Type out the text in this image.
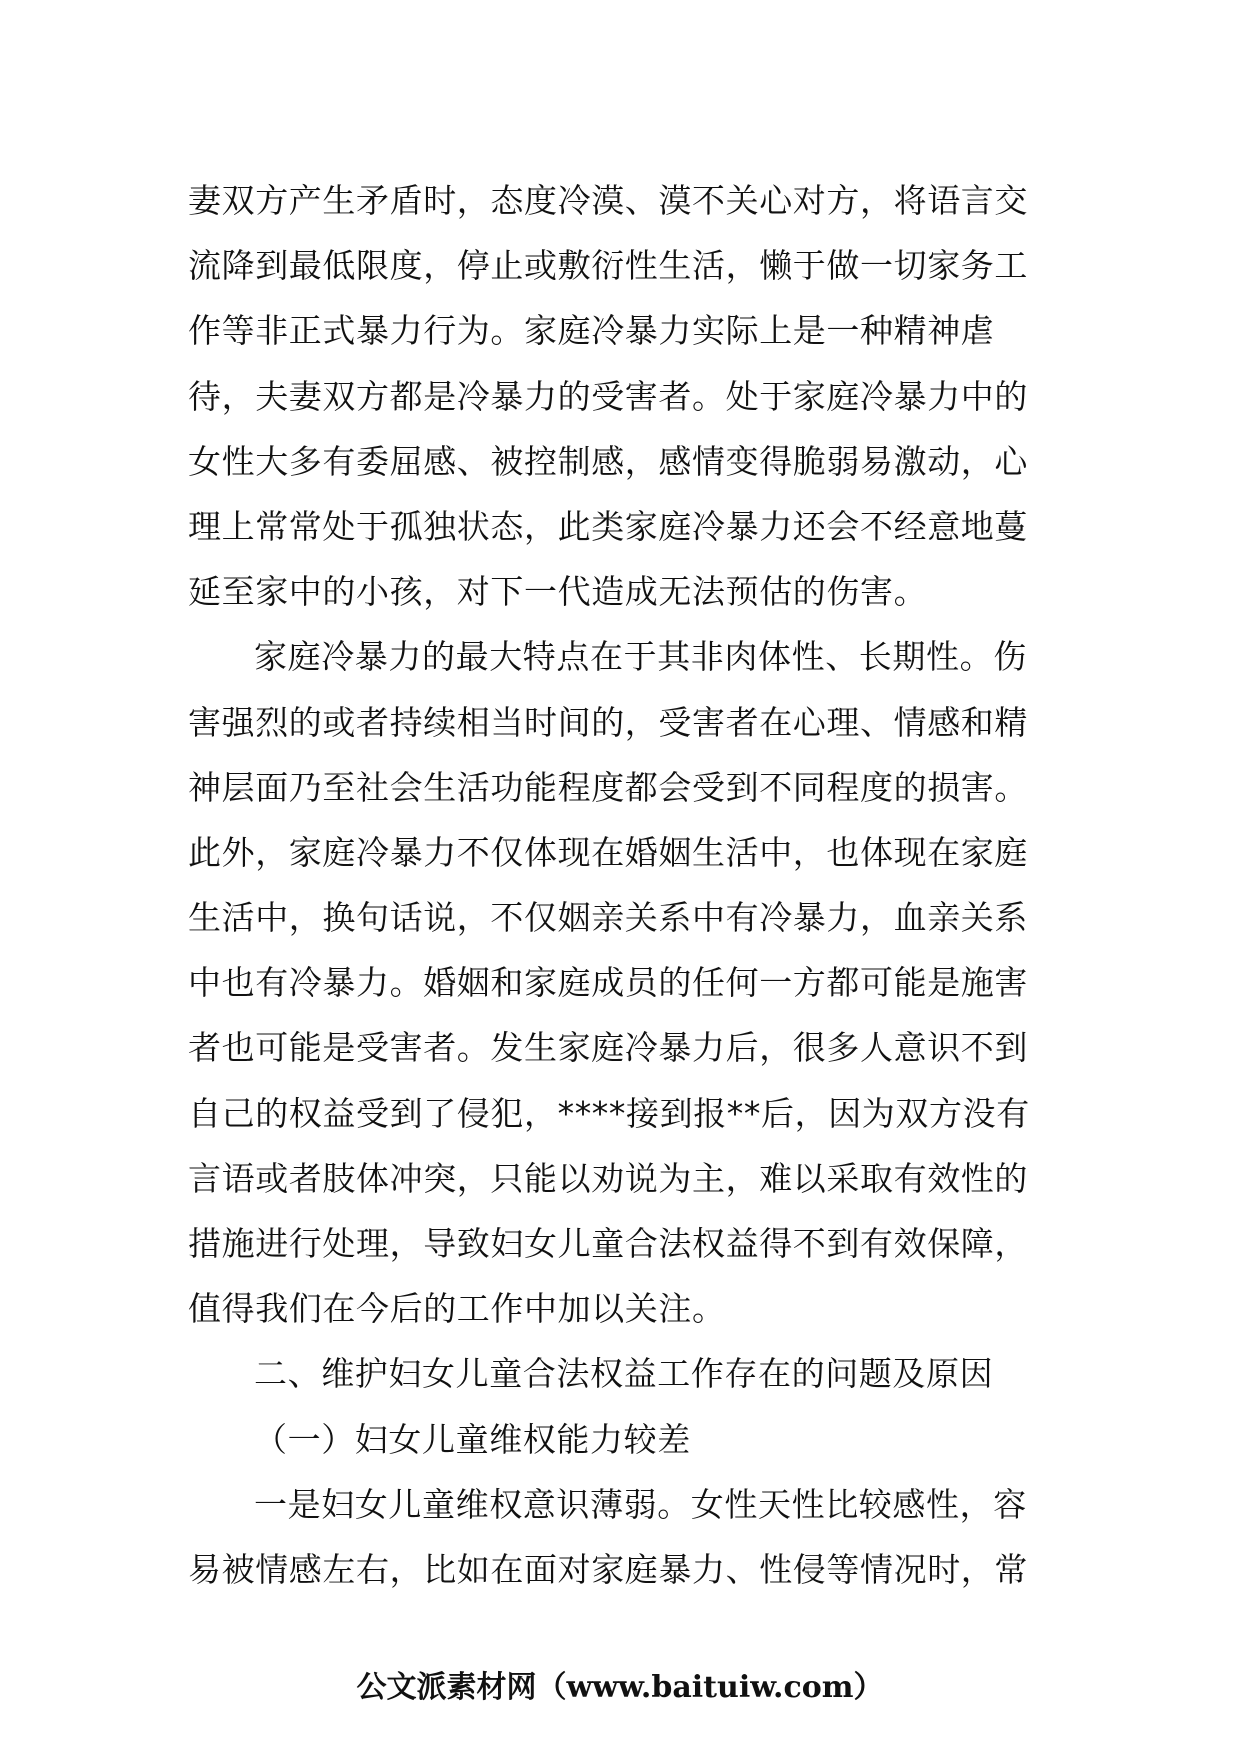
妻双方产生矛盾时，态度冷漠、漠不关心对方，将语言交
流降到最低限度，停止或敷衍性生活，懒于做一切家务工
作等非正式暴力行为。家庭冷暴力实际上是一种精神虐
待，夫妻双方都是冷暴力的受害者。处于家庭冷暴力中的
女性大多有委屈感、被控制感，感情变得脆弱易激动，心
理上常常处于孤独状态，此类家庭冷暴力还会不经意地蔓
延至家中的小孩，对下一代造成无法预估的伤害。
家庭冷暴力的最大特点在于其非肉体性、长期性。伤
害强烈的或者持续相当时间的，受害者在心理、情感和精
神层面乃至社会生活功能程度都会受到不同程度的损害。
此外，家庭冷暴力不仅体现在婚姻生活中，也体现在家庭
生活中，换句话说，不仅姻亲关系中有冷暴力，血亲关系
中也有冷暴力。婚姻和家庭成员的任何一方都可能是施害
者也可能是受害者。发生家庭冷暴力后，很多人意识不到
自己的权益受到了侵犯，****接到报**后，因为双方没有
言语或者肢体冲突，只能以劝说为主，难以采取有效性的
措施进行处理，导致妇女儿童合法权益得不到有效保障，
值得我们在今后的工作中加以关注。
二、维护妇女儿童合法权益工作存在的问题及原因
（一）妇女儿童维权能力较差
一是妇女儿童维权意识薄弱。女性天性比较感性，容
易被情感左右，比如在面对家庭暴力、性侵等情况时，常
公文派素材网（www.baituiw.com）
